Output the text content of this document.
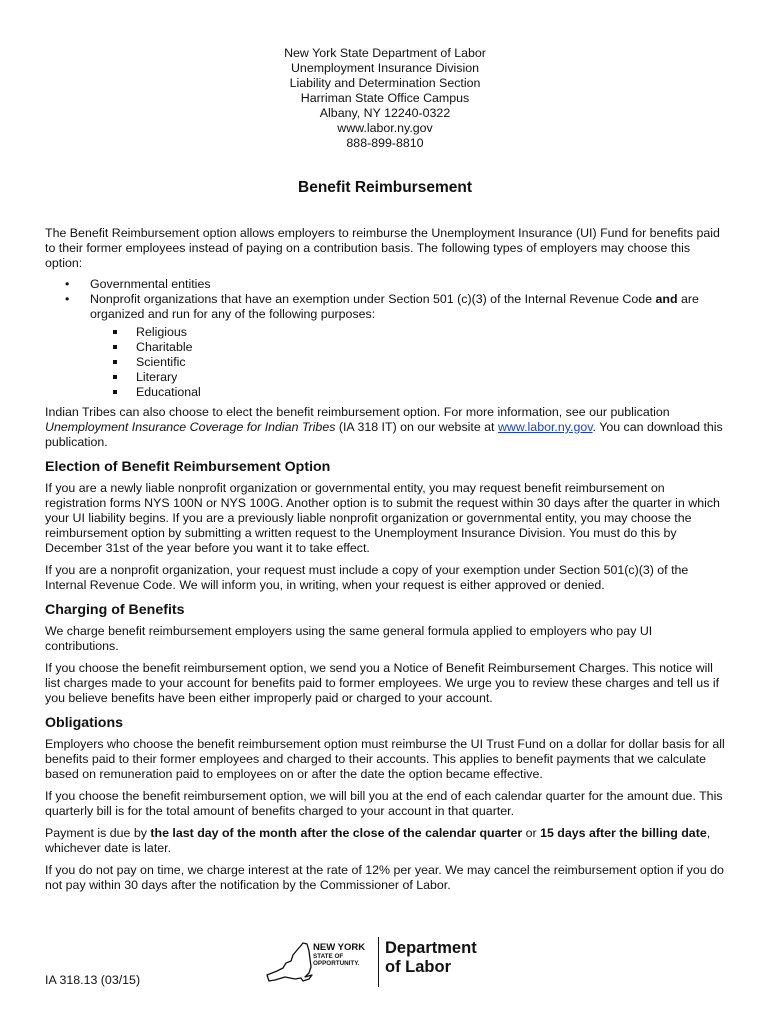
New York State Department of Labor
Unemployment Insurance Division
Liability and Determination Section
Harriman State Office Campus
Albany, NY 12240-0322
www.labor.ny.gov
888-899-8810
Benefit Reimbursement

The Benefit Reimbursement option allows employers to reimburse the Unemployment Insurance (UI) Fund for benefits paid to their former employees instead of paying on a contribution basis. The following types of employers may choose this option:

• Governmental entities
• Nonprofit organizations that have an exemption under Section 501 (c)(3) of the Internal Revenue Code and are organized and run for any of the following purposes:
Religious
Charitable
Scientific
Literary
Educational

Indian Tribes can also choose to elect the benefit reimbursement option. For more information, see our publication Unemployment Insurance Coverage for Indian Tribes (IA 318 IT) on our website at www.labor.ny.gov. You can download this publication.

Election of Benefit Reimbursement Option

If you are a newly liable nonprofit organization or governmental entity, you may request benefit reimbursement on registration forms NYS 100N or NYS 100G. Another option is to submit the request within 30 days after the quarter in which your UI liability begins. If you are a previously liable nonprofit organization or governmental entity, you may choose the reimbursement option by submitting a written request to the Unemployment Insurance Division. You must do this by December 31st of the year before you want it to take effect.

If you are a nonprofit organization, your request must include a copy of your exemption under Section 501(c)(3) of the Internal Revenue Code. We will inform you, in writing, when your request is either approved or denied.

Charging of Benefits

We charge benefit reimbursement employers using the same general formula applied to employers who pay UI contributions.

If you choose the benefit reimbursement option, we send you a Notice of Benefit Reimbursement Charges. This notice will list charges made to your account for benefits paid to former employees. We urge you to review these charges and tell us if you believe benefits have been either improperly paid or charged to your account.

Obligations

Employers who choose the benefit reimbursement option must reimburse the UI Trust Fund on a dollar for dollar basis for all benefits paid to their former employees and charged to their accounts. This applies to benefit payments that we calculate based on remuneration paid to employees on or after the date the option became effective.

If you choose the benefit reimbursement option, we will bill you at the end of each calendar quarter for the amount due. This quarterly bill is for the total amount of benefits charged to your account in that quarter.

Payment is due by the last day of the month after the close of the calendar quarter or 15 days after the billing date, whichever date is later.

If you do not pay on time, we charge interest at the rate of 12% per year. We may cancel the reimbursement option if you do not pay within 30 days after the notification by the Commissioner of Labor.

IA 318.13 (03/15)
NEW YORK
STATE OF
OPPORTUNITY.
Department
of Labor
